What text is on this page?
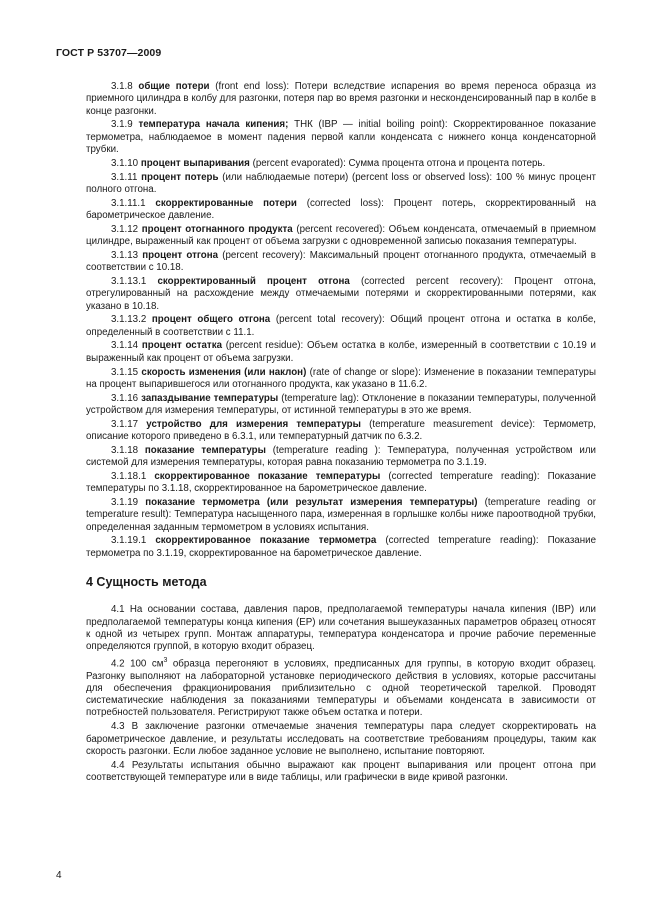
ГОСТ Р 53707—2009

3.1.8 общие потери (front end loss): Потери вследствие испарения во время переноса образца из приемного цилиндра в колбу для разгонки, потеря пар во время разгонки и несконденсированный пар в колбе в конце разгонки.

3.1.9 температура начала кипения; ТНК (IBP — initial boiling point): Скорректированное показание термометра, наблюдаемое в момент падения первой капли конденсата с нижнего конца конденсаторной трубки.

3.1.10 процент выпаривания (percent evaporated): Сумма процента отгона и процента потерь.

3.1.11 процент потерь (или наблюдаемые потери) (percent loss or observed loss): 100 % минус процент полного отгона.

3.1.11.1 скорректированные потери (corrected loss): Процент потерь, скорректированный на барометрическое давление.

3.1.12 процент отогнанного продукта (percent recovered): Объем конденсата, отмечаемый в приемном цилиндре, выраженный как процент от объема загрузки с одновременной записью показания температуры.

3.1.13 процент отгона (percent recovery): Максимальный процент отогнанного продукта, отмечаемый в соответствии с 10.18.

3.1.13.1 скорректированный процент отгона (corrected percent recovery): Процент отгона, отрегулированный на расхождение между отмечаемыми потерями и скорректированными потерями, как указано в 10.18.

3.1.13.2 процент общего отгона (percent total recovery): Общий процент отгона и остатка в колбе, определенный в соответствии с 11.1.

3.1.14 процент остатка (percent residue): Объем остатка в колбе, измеренный в соответствии с 10.19 и выраженный как процент от объема загрузки.

3.1.15 скорость изменения (или наклон) (rate of change or slope): Изменение в показании температуры на процент выпарившегося или отогнанного продукта, как указано в 11.6.2.

3.1.16 запаздывание температуры (temperature lag): Отклонение в показании температуры, полученной устройством для измерения температуры, от истинной температуры в это же время.

3.1.17 устройство для измерения температуры (temperature measurement device): Термометр, описание которого приведено в 6.3.1, или температурный датчик по 6.3.2.

3.1.18 показание температуры (temperature reading ): Температура, полученная устройством или системой для измерения температуры, которая равна показанию термометра по 3.1.19.

3.1.18.1 скорректированное показание температуры (corrected temperature reading): Показание температуры по 3.1.18, скорректированное на барометрическое давление.

3.1.19 показание термометра (или результат измерения температуры) (temperature reading or temperature result): Температура насыщенного пара, измеренная в горлышке колбы ниже пароотводной трубки, определенная заданным термометром в условиях испытания.

3.1.19.1 скорректированное показание термометра (corrected temperature reading): Показание термометра по 3.1.19, скорректированное на барометрическое давление.

4 Сущность метода

4.1 На основании состава, давления паров, предполагаемой температуры начала кипения (IBP) или предполагаемой температуры конца кипения (EP) или сочетания вышеуказанных параметров образец относят к одной из четырех групп. Монтаж аппаратуры, температура конденсатора и прочие рабочие переменные определяются группой, в которую входит образец.

4.2 100 $см^3$ образца перегоняют в условиях, предписанных для группы, в которую входит образец. Разгонку выполняют на лабораторной установке периодического действия в условиях, которые рассчитаны для обеспечения фракционирования приблизительно с одной теоретической тарелкой. Проводят систематические наблюдения за показаниями температуры и объемами конденсата в зависимости от потребностей пользователя. Регистрируют также объем остатка и потери.

4.3 В заключение разгонки отмечаемые значения температуры пара следует скорректировать на барометрическое давление, и результаты исследовать на соответствие требованиям процедуры, таким как скорость разгонки. Если любое заданное условие не выполнено, испытание повторяют.

4.4 Результаты испытания обычно выражают как процент выпаривания или процент отгона при соответствующей температуре или в виде таблицы, или графически в виде кривой разгонки.

4
